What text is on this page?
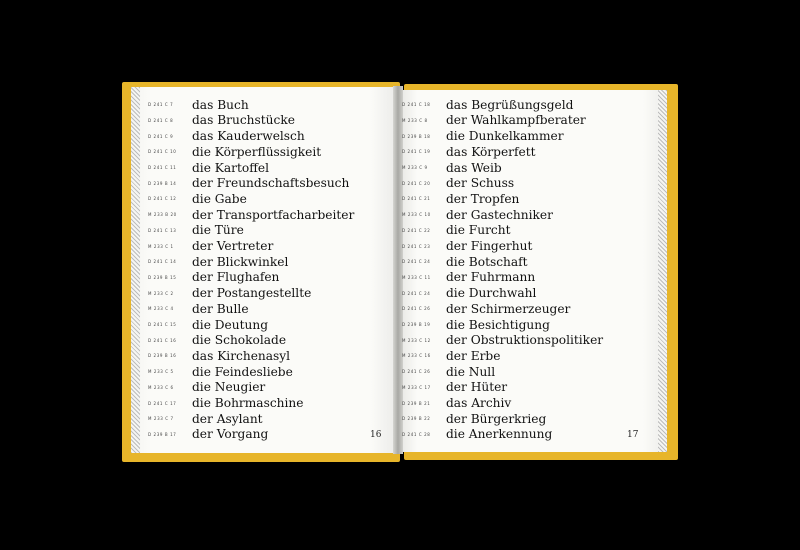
D 241 C 7	das Buch
D 241 C 8	das Bruchstücke
D 241 C 9	das Kauderwelsch
D 241 C 10	die Körperflüssigkeit
D 241 C 11	die Kartoffel
D 239 B 14	der Freundschaftsbesuch
D 241 C 12	die Gabe
M 233 B 20	der Transportfacharbeiter
D 241 C 13	die Türe
M 233 C 1	der Vertreter
D 241 C 14	der Blickwinkel
D 239 B 15	der Flughafen
M 233 C 2	der Postangestellte
M 233 C 4	der Bulle
D 241 C 15	die Deutung
D 241 C 16	die Schokolade
D 239 B 16	das Kirchenasyl
M 233 C 5	die Feindesliebe
M 233 C 6	die Neugier
D 241 C 17	die Bohrmaschine
M 233 C 7	der Asylant
D 239 B 17	der Vorgang
D 241 C 18	das Begrüßungsgeld
M 233 C 8	der Wahlkampfberater
D 239 B 18	die Dunkelkammer
D 241 C 19	das Körperfett
M 233 C 9	das Weib
D 241 C 20	der Schuss
D 241 C 21	der Tropfen
M 233 C 10	der Gastechniker
D 241 C 22	die Furcht
D 241 C 23	der Fingerhut
D 241 C 24	die Botschaft
M 233 C 11	der Fuhrmann
D 241 C 24	die Durchwahl
D 241 C 26	der Schirmerzeuger
D 239 B 19	die Besichtigung
M 233 C 12	der Obstruktionspolitiker
M 233 C 16	der Erbe
D 241 C 26	die Null
M 233 C 17	der Hüter
D 239 B 21	das Archiv
D 239 B 22	der Bürgerkrieg
D 241 C 28	die Anerkennung
16	17
